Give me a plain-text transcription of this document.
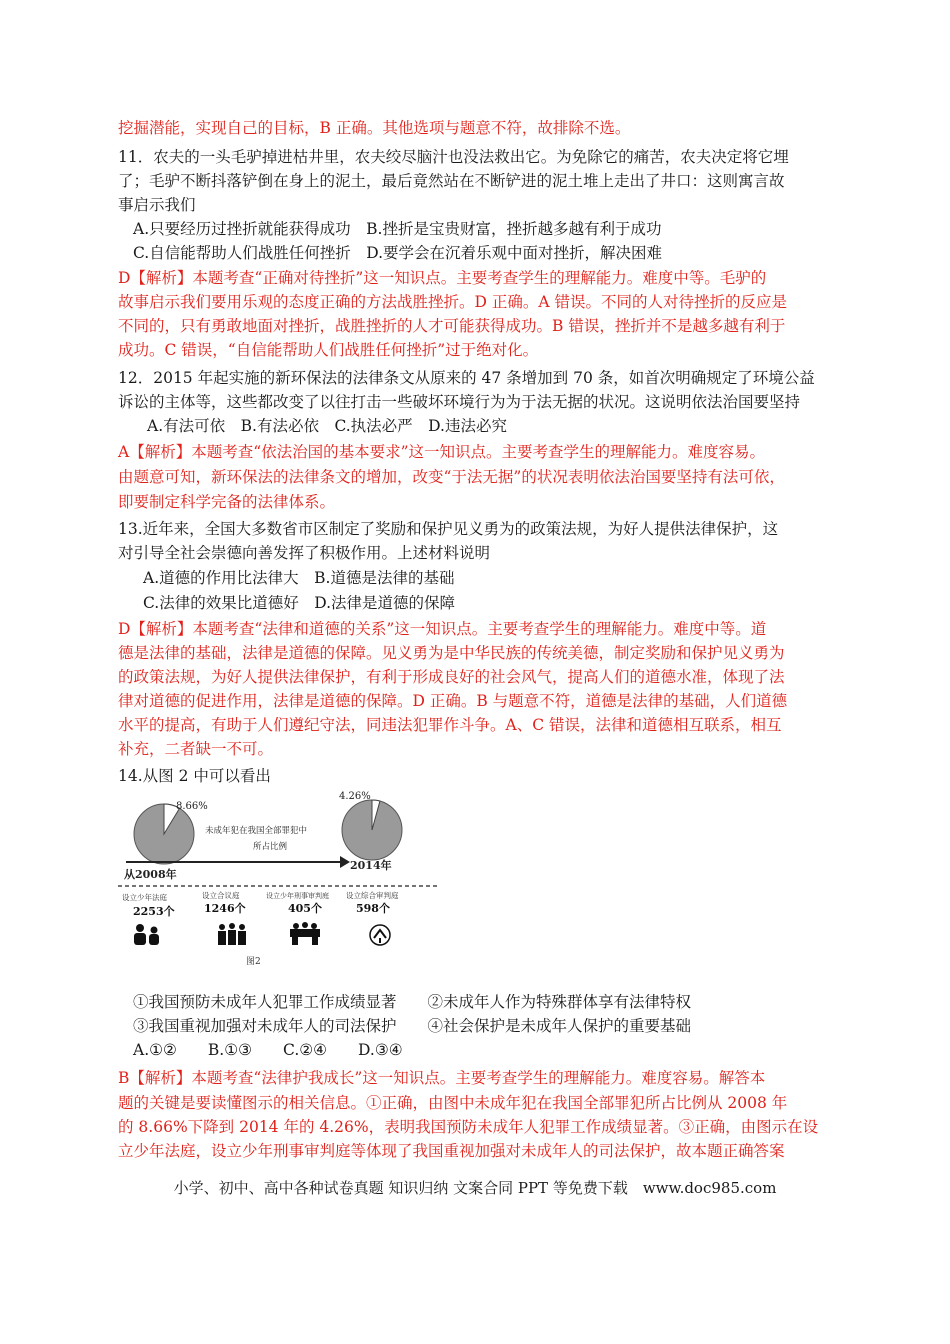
挖掘潜能，实现自己的目标，B 正确。其他选项与题意不符，故排除不选。
11．农夫的一头毛驴掉进枯井里，农夫绞尽脑汁也没法救出它。为免除它的痛苦，农夫决定将它埋
了；毛驴不断抖落铲倒在身上的泥土，最后竟然站在不断铲进的泥土堆上走出了井口：这则寓言故
事启示我们
A.只要经历过挫折就能获得成功　B.挫折是宝贵财富，挫折越多越有利于成功
C.自信能帮助人们战胜任何挫折　D.要学会在沉着乐观中面对挫折，解决困难
D【解析】本题考查“正确对待挫折”这一知识点。主要考查学生的理解能力。难度中等。毛驴的
故事启示我们要用乐观的态度正确的方法战胜挫折。D 正确。A 错误。不同的人对待挫折的反应是
不同的，只有勇敢地面对挫折，战胜挫折的人才可能获得成功。B 错误，挫折并不是越多越有利于
成功。C 错误，“自信能帮助人们战胜任何挫折”过于绝对化。
12．2015 年起实施的新环保法的法律条文从原来的 47 条增加到 70 条，如首次明确规定了环境公益
诉讼的主体等，这些都改变了以往打击一些破坏环境行为为于法无据的状况。这说明依法治国要坚持
A.有法可依　B.有法必依　C.执法必严　D.违法必究
A【解析】本题考查“依法治国的基本要求”这一知识点。主要考查学生的理解能力。难度容易。
由题意可知，新环保法的法律条文的增加，改变“于法无据”的状况表明依法治国要坚持有法可依，
即要制定科学完备的法律体系。
13.近年来，全国大多数省市区制定了奖励和保护见义勇为的政策法规，为好人提供法律保护，这
对引导全社会崇德向善发挥了积极作用。上述材料说明
A.道德的作用比法律大　B.道德是法律的基础
C.法律的效果比道德好　D.法律是道德的保障
D【解析】本题考查“法律和道德的关系”这一知识点。主要考查学生的理解能力。难度中等。道
德是法律的基础，法律是道德的保障。见义勇为是中华民族的传统美德，制定奖励和保护见义勇为
的政策法规，为好人提供法律保护，有利于形成良好的社会风气，提高人们的道德水准，体现了法
律对道德的促进作用，法律是道德的保障。D 正确。B 与题意不符，道德是法律的基础，人们道德
水平的提高，有助于人们遵纪守法，同违法犯罪作斗争。A、C 错误，法律和道德相互联系，相互
补充，二者缺一不可。
14.从图 2 中可以看出
8.66%
4.26%
未成年犯在我国全部罪犯中
所占比例
从2008年
2014年
设立少年法庭
2253个
设立合议庭
1246个
设立少年刑事审判庭
405个
设立综合审判庭
598个
图2
①我国预防未成年人犯罪工作成绩显著　　②未成年人作为特殊群体享有法律特权
③我国重视加强对未成年人的司法保护　　④社会保护是未成年人保护的重要基础
A.①②　　B.①③　　C.②④　　D.③④
B【解析】本题考查“法律护我成长”这一知识点。主要考查学生的理解能力。难度容易。解答本
题的关键是要读懂图示的相关信息。①正确，由图中未成年犯在我国全部罪犯所占比例从 2008 年
的 8.66%下降到 2014 年的 4.26%，表明我国预防未成年人犯罪工作成绩显著。③正确，由图示在设
立少年法庭，设立少年刑事审判庭等体现了我国重视加强对未成年人的司法保护，故本题正确答案
小学、初中、高中各种试卷真题 知识归纳 文案合同 PPT 等免费下载　www.doc985.com
